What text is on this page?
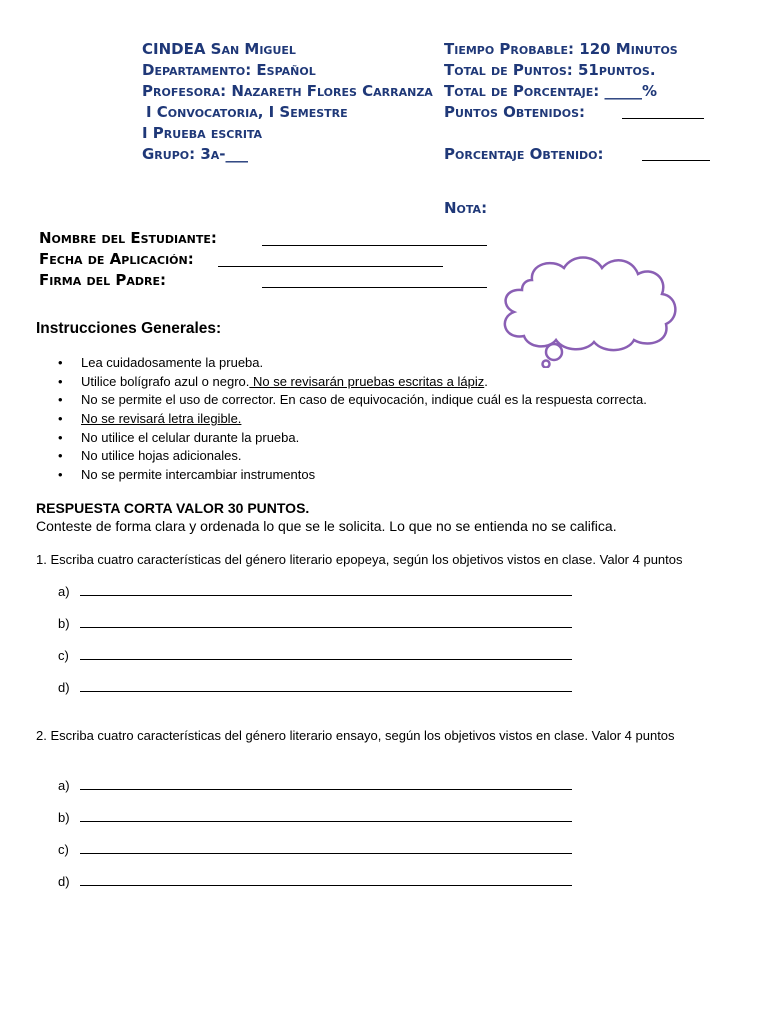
CINDEA San Miguel
Departamento: Español
Profesora: Nazareth Flores Carranza
I Convocatoria, I Semestre
I Prueba escrita
Grupo: 3a-___
Tiempo Probable: 120 Minutos
Total de Puntos: 51puntos.
Total de Porcentaje: _____%
Puntos Obtenidos:
Porcentaje Obtenido:
Nota:
Nombre del Estudiante:
Fecha de Aplicación:
Firma del Padre:
Instrucciones Generales:
• Lea cuidadosamente la prueba.
• Utilice bolígrafo azul o negro. No se revisarán pruebas escritas a lápiz.
• No se permite el uso de corrector. En caso de equivocación, indique cuál es la respuesta correcta.
• No se revisará letra ilegible.
• No utilice el celular durante la prueba.
• No utilice hojas adicionales.
• No se permite intercambiar instrumentos
RESPUESTA CORTA VALOR 30 PUNTOS.
Conteste de forma clara y ordenada lo que se le solicita. Lo que no se entienda no se califica.
1. Escriba cuatro características del género literario epopeya, según los objetivos vistos en clase. Valor 4 puntos
a)
b)
c)
d)
2. Escriba cuatro características del género literario ensayo, según los objetivos vistos en clase. Valor 4 puntos
a)
b)
c)
d)
